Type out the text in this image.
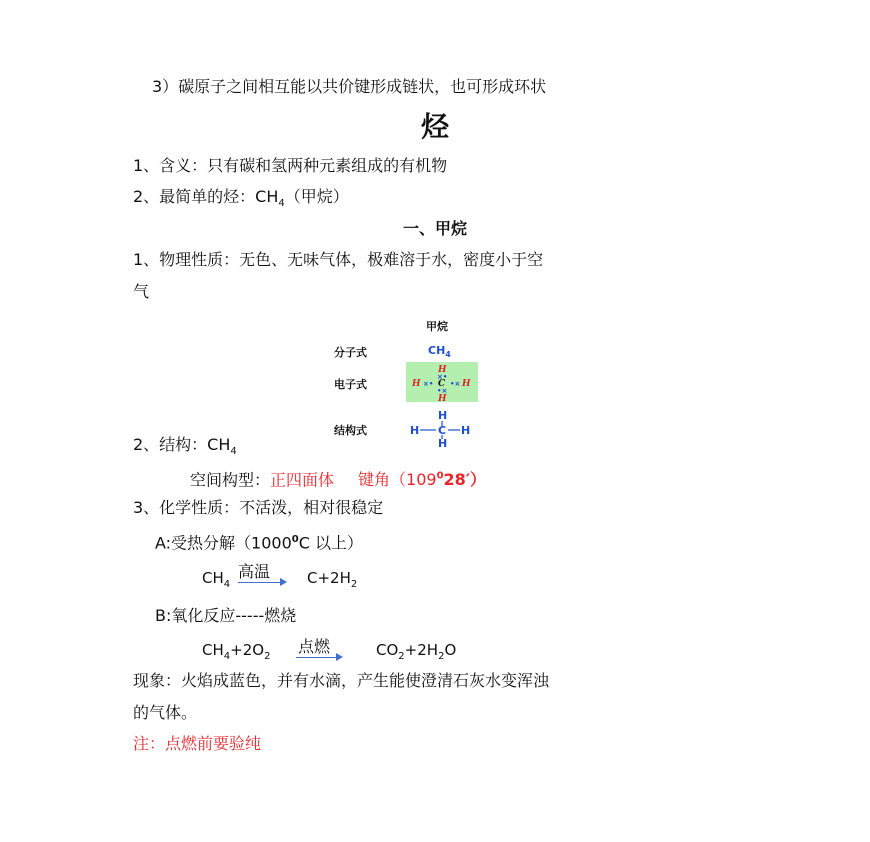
3）碳原子之间相互能以共价键形成链状，也可形成环状
烃
1、含义：只有碳和氢两种元素组成的有机物
2、最简单的烃：$CH_4$（甲烷）
一、甲烷
1、物理性质：无色、无味气体，极难溶于水，密度小于空
气
甲烷
分子式	$CH_4$
电子式
H
×•
H ×• C •× H
•×
H
结构式
H
H C H
H
2、结构：$CH_4$
空间构型：正四面体 键角$(109^028')$
3、化学性质：不活泼，相对很稳定
A:受热分解（1000$^0$C 以上）
$CH_4$
高温 $C+2H_2$
B:氧化反应-----燃烧
$CH_4+2O_2$
点燃	$CO_2+2H_2O$
现象：火焰成蓝色，并有水滴，产生能使澄清石灰水变浑浊
的气体。
注：点燃前要验纯
